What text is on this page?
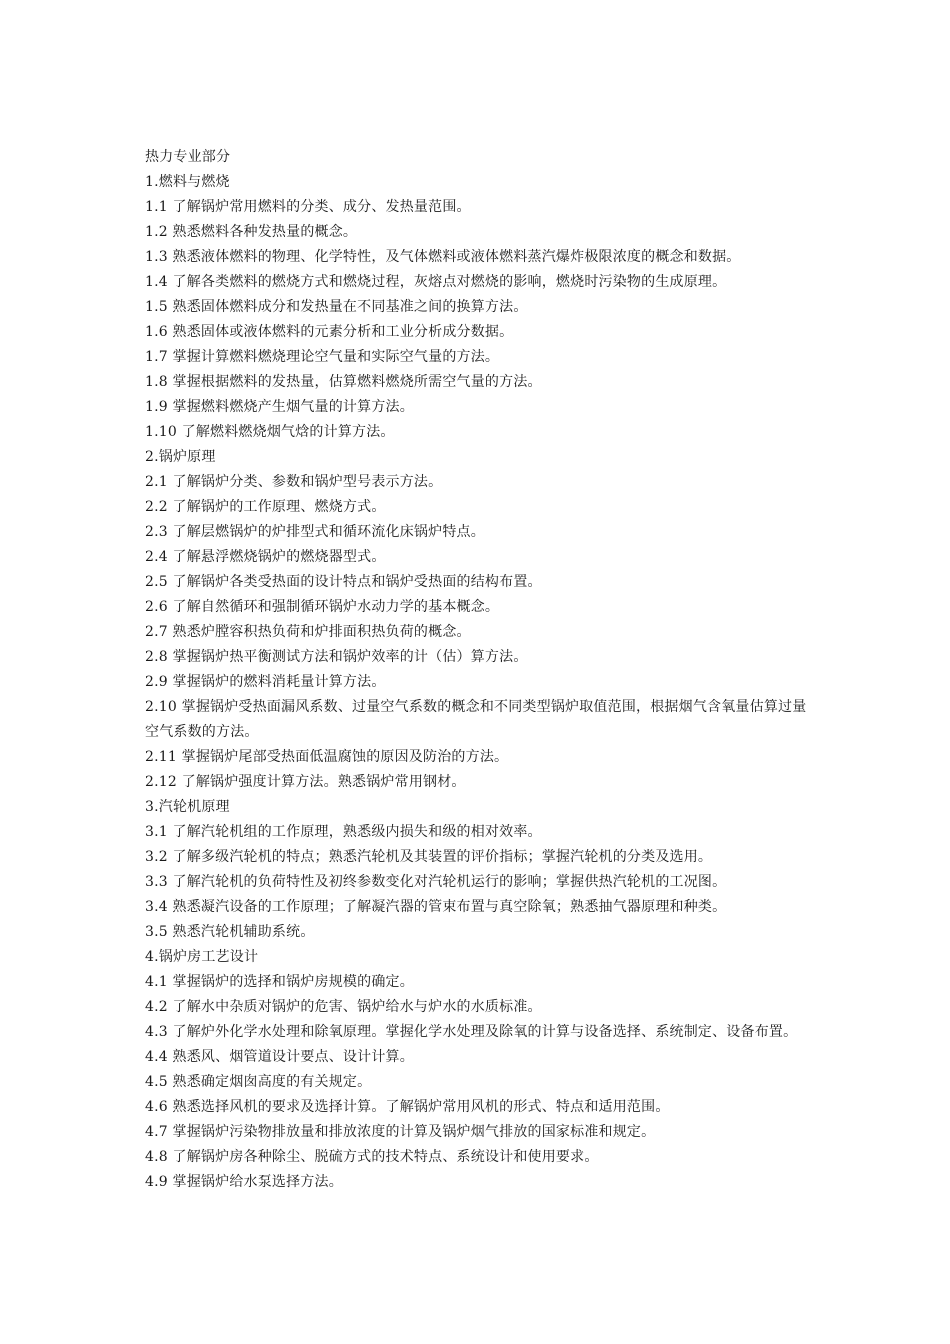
热力专业部分
1.燃料与燃烧
1.1 了解锅炉常用燃料的分类、成分、发热量范围。
1.2 熟悉燃料各种发热量的概念。
1.3 熟悉液体燃料的物理、化学特性，及气体燃料或液体燃料蒸汽爆炸极限浓度的概念和数据。
1.4 了解各类燃料的燃烧方式和燃烧过程，灰熔点对燃烧的影响，燃烧时污染物的生成原理。
1.5 熟悉固体燃料成分和发热量在不同基准之间的换算方法。
1.6 熟悉固体或液体燃料的元素分析和工业分析成分数据。
1.7 掌握计算燃料燃烧理论空气量和实际空气量的方法。
1.8 掌握根据燃料的发热量，估算燃料燃烧所需空气量的方法。
1.9 掌握燃料燃烧产生烟气量的计算方法。
1.10 了解燃料燃烧烟气焓的计算方法。
2.锅炉原理
2.1 了解锅炉分类、参数和锅炉型号表示方法。
2.2 了解锅炉的工作原理、燃烧方式。
2.3 了解层燃锅炉的炉排型式和循环流化床锅炉特点。
2.4 了解悬浮燃烧锅炉的燃烧器型式。
2.5 了解锅炉各类受热面的设计特点和锅炉受热面的结构布置。
2.6 了解自然循环和强制循环锅炉水动力学的基本概念。
2.7 熟悉炉膛容积热负荷和炉排面积热负荷的概念。
2.8 掌握锅炉热平衡测试方法和锅炉效率的计（估）算方法。
2.9 掌握锅炉的燃料消耗量计算方法。
2.10 掌握锅炉受热面漏风系数、过量空气系数的概念和不同类型锅炉取值范围，根据烟气含氧量估算过量空气系数的方法。
2.11 掌握锅炉尾部受热面低温腐蚀的原因及防治的方法。
2.12 了解锅炉强度计算方法。熟悉锅炉常用钢材。
3.汽轮机原理
3.1 了解汽轮机组的工作原理，熟悉级内损失和级的相对效率。
3.2 了解多级汽轮机的特点；熟悉汽轮机及其装置的评价指标；掌握汽轮机的分类及选用。
3.3 了解汽轮机的负荷特性及初终参数变化对汽轮机运行的影响；掌握供热汽轮机的工况图。
3.4 熟悉凝汽设备的工作原理；了解凝汽器的管束布置与真空除氧；熟悉抽气器原理和种类。
3.5 熟悉汽轮机辅助系统。
4.锅炉房工艺设计
4.1 掌握锅炉的选择和锅炉房规模的确定。
4.2 了解水中杂质对锅炉的危害、锅炉给水与炉水的水质标准。
4.3 了解炉外化学水处理和除氧原理。掌握化学水处理及除氧的计算与设备选择、系统制定、设备布置。
4.4 熟悉风、烟管道设计要点、设计计算。
4.5 熟悉确定烟囱高度的有关规定。
4.6 熟悉选择风机的要求及选择计算。了解锅炉常用风机的形式、特点和适用范围。
4.7 掌握锅炉污染物排放量和排放浓度的计算及锅炉烟气排放的国家标准和规定。
4.8 了解锅炉房各种除尘、脱硫方式的技术特点、系统设计和使用要求。
4.9 掌握锅炉给水泵选择方法。
